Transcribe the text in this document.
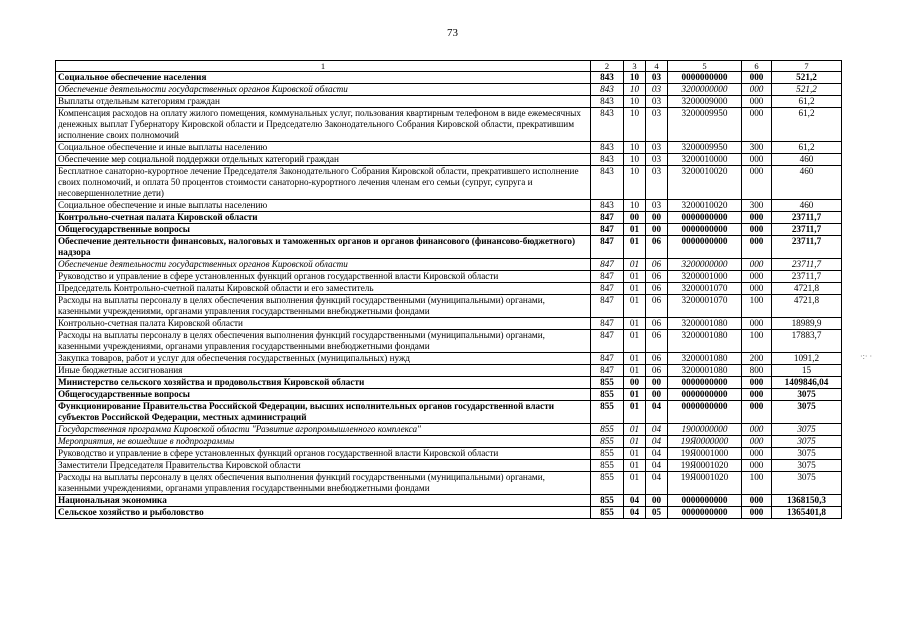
73
·:· ·
1	2	3	4	5	6	7
Социальное обеспечение населения	843	10	03	0000000000	000	521,2
Обеспечение деятельности государственных органов Кировской области	843	10	03	3200000000	000	521,2
Выплаты отдельным категориям граждан	843	10	03	3200009000	000	61,2
Компенсация расходов на оплату жилого помещения, коммунальных услуг, пользования квартирным телефоном в виде ежемесячных денежных выплат Губернатору Кировской области и Председателю Законодательного Собрания Кировской области, прекратившим исполнение своих полномочий	843	10	03	3200009950	000	61,2
Социальное обеспечение и иные выплаты населению	843	10	03	3200009950	300	61,2
Обеспечение мер социальной поддержки отдельных категорий граждан	843	10	03	3200010000	000	460
Бесплатное санаторно-курортное лечение Председателя Законодательного Собрания Кировской области, прекратившего исполнение своих полномочий, и оплата 50 процентов стоимости санаторно-курортного лечения членам его семьи (супруг, супруга и несовершеннолетние дети)	843	10	03	3200010020	000	460
Социальное обеспечение и иные выплаты населению	843	10	03	3200010020	300	460
Контрольно-счетная палата Кировской области	847	00	00	0000000000	000	23711,7
Общегосударственные вопросы	847	01	00	0000000000	000	23711,7
Обеспечение деятельности финансовых, налоговых и таможенных органов и органов финансового (финансово-бюджетного) надзора	847	01	06	0000000000	000	23711,7
Обеспечение деятельности государственных органов Кировской области	847	01	06	3200000000	000	23711,7
Руководство и управление в сфере установленных функций органов государственной власти Кировской области	847	01	06	3200001000	000	23711,7
Председатель Контрольно-счетной палаты Кировской области и его заместитель	847	01	06	3200001070	000	4721,8
Расходы на выплаты персоналу в целях обеспечения выполнения функций государственными (муниципальными) органами, казенными учреждениями, органами управления государственными внебюджетными фондами	847	01	06	3200001070	100	4721,8
Контрольно-счетная палата Кировской области	847	01	06	3200001080	000	18989,9
Расходы на выплаты персоналу в целях обеспечения выполнения функций государственными (муниципальными) органами, казенными учреждениями, органами управления государственными внебюджетными фондами	847	01	06	3200001080	100	17883,7
Закупка товаров, работ и услуг для обеспечения государственных (муниципальных) нужд	847	01	06	3200001080	200	1091,2
Иные бюджетные ассигнования	847	01	06	3200001080	800	15
Министерство сельского хозяйства и продовольствия Кировской области	855	00	00	0000000000	000	1409846,04
Общегосударственные вопросы	855	01	00	0000000000	000	3075
Функционирование Правительства Российской Федерации, высших исполнительных органов государственной власти субъектов Российской Федерации, местных администраций	855	01	04	0000000000	000	3075
Государственная программа Кировской области "Развитие агропромышленного комплекса"	855	01	04	1900000000	000	3075
Мероприятия, не вошедшие в подпрограммы	855	01	04	19Я0000000	000	3075
Руководство и управление в сфере установленных функций органов государственной власти Кировской области	855	01	04	19Я0001000	000	3075
Заместители Председателя Правительства Кировской области	855	01	04	19Я0001020	000	3075
Расходы на выплаты персоналу в целях обеспечения выполнения функций государственными (муниципальными) органами, казенными учреждениями, органами управления государственными внебюджетными фондами	855	01	04	19Я0001020	100	3075
Национальная экономика	855	04	00	0000000000	000	1368150,3
Сельское хозяйство и рыболовство	855	04	05	0000000000	000	1365401,8
